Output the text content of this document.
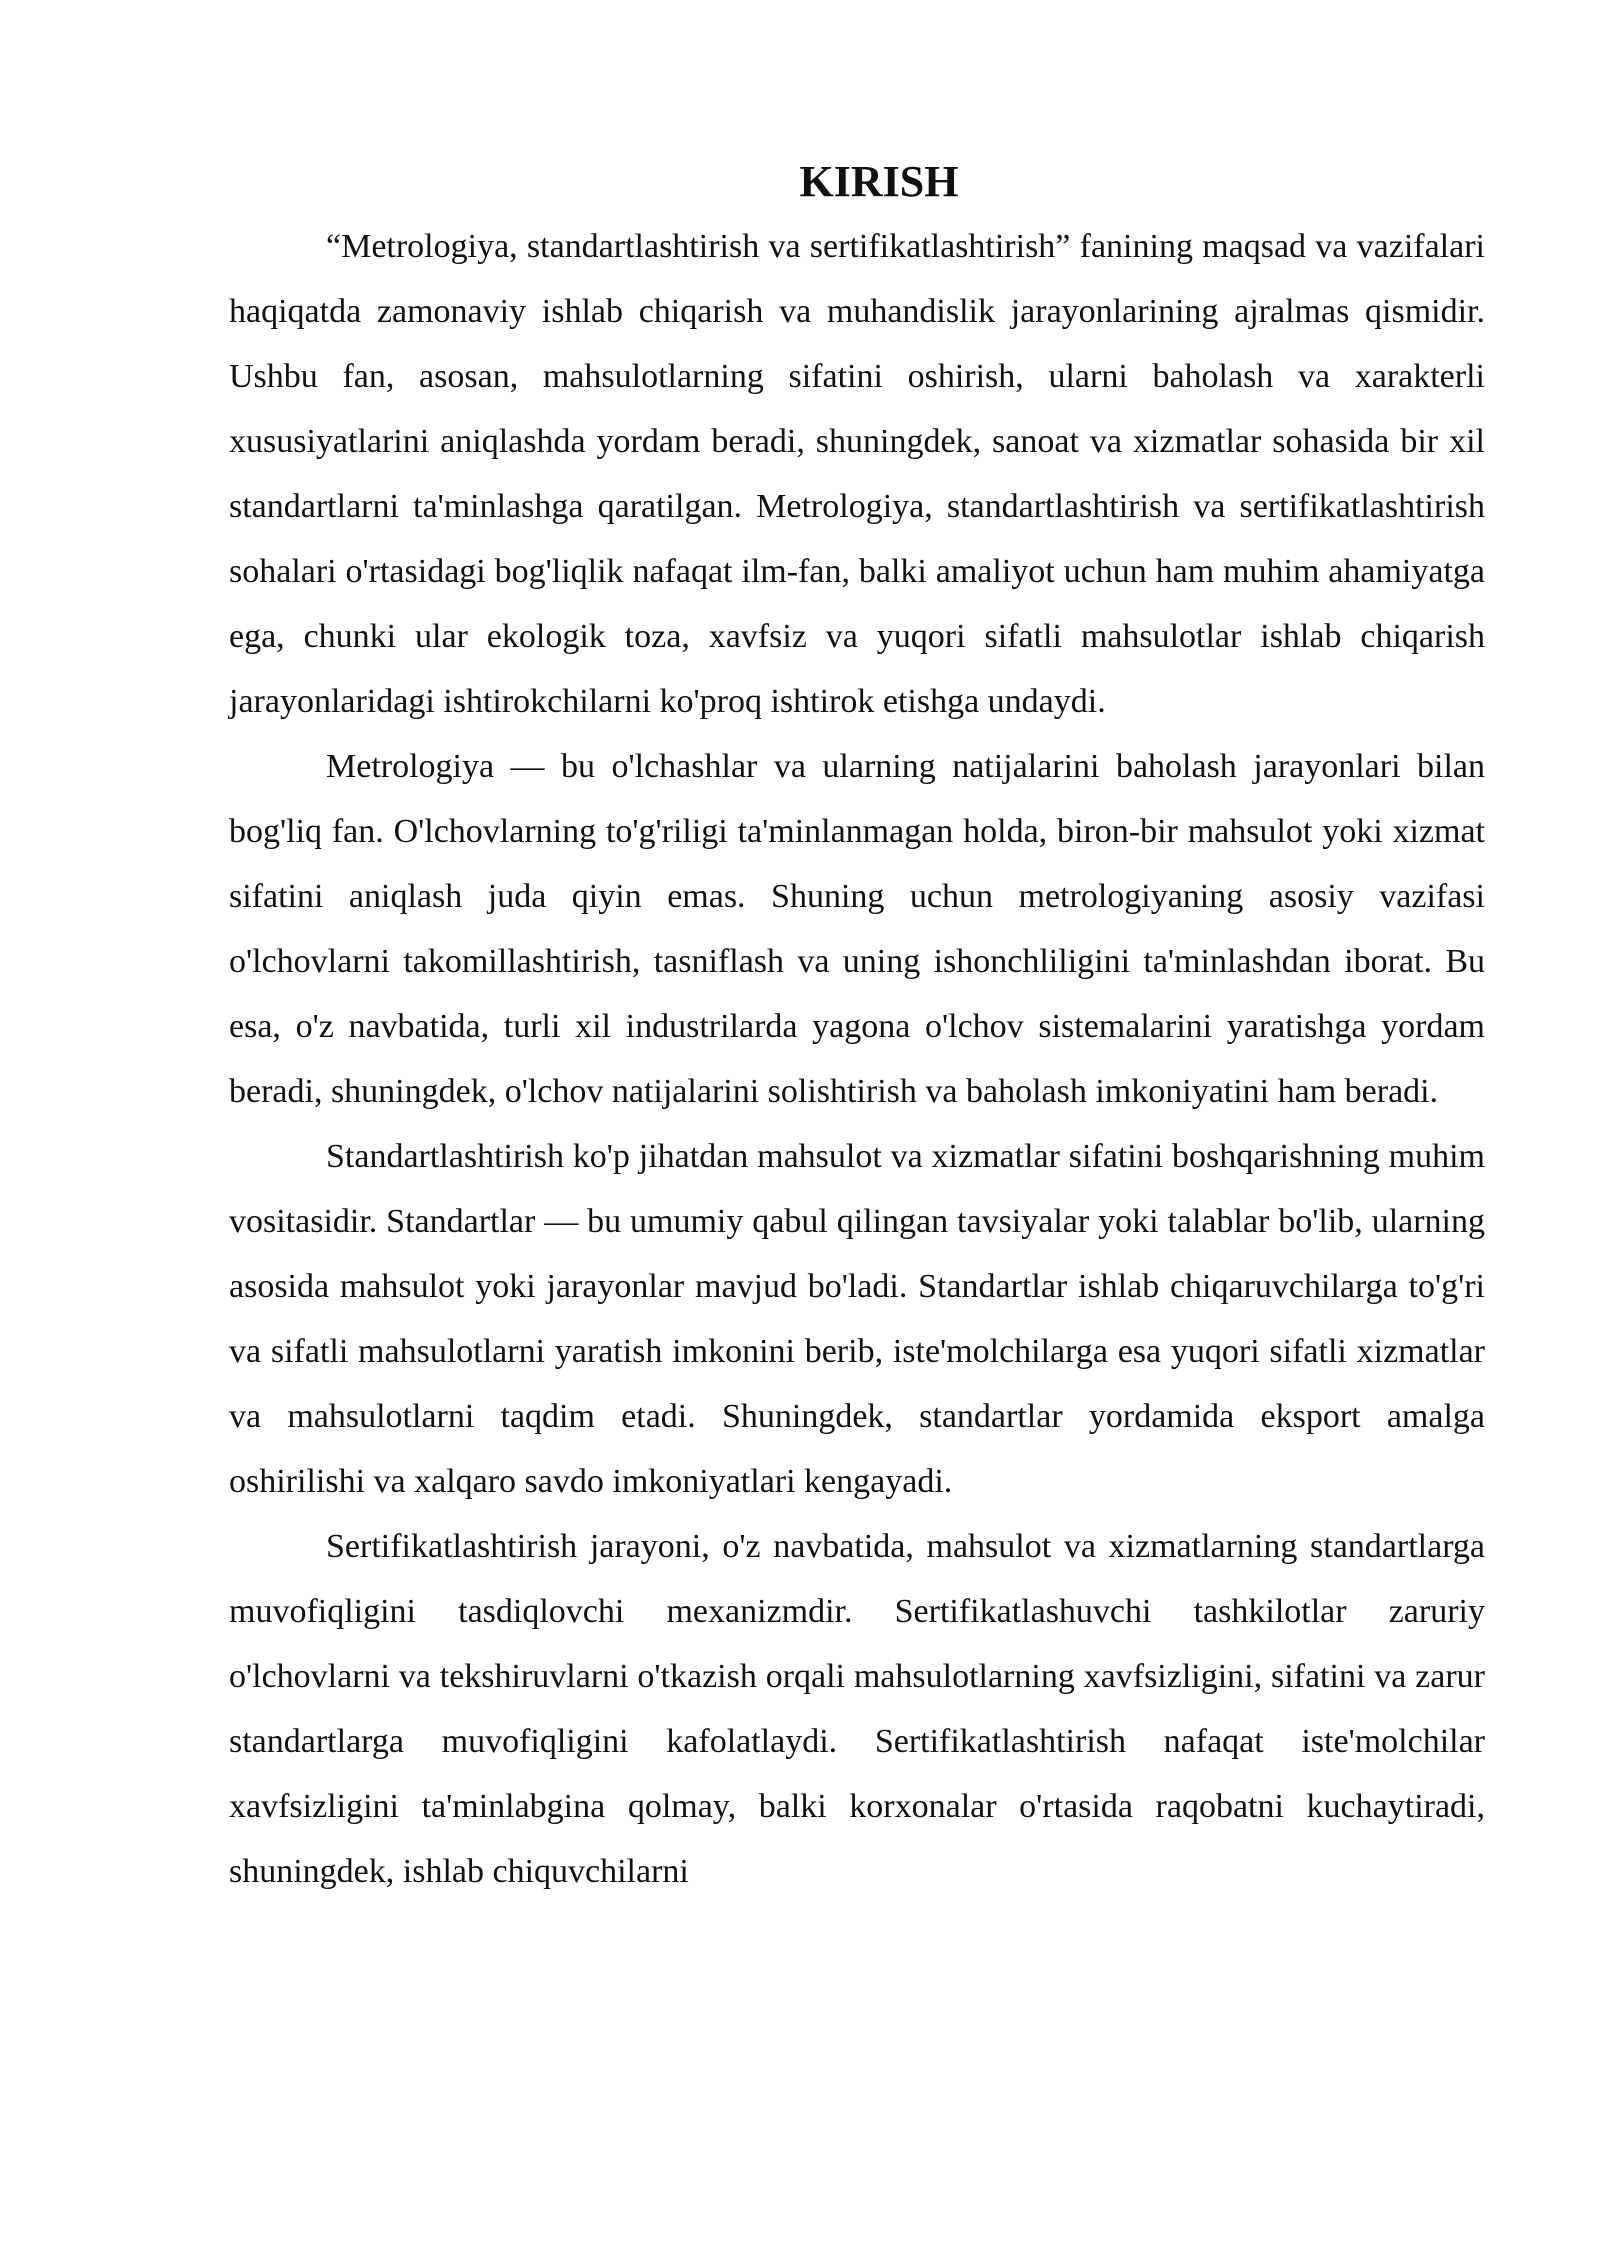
KIRISH

“Metrologiya, standartlashtirish va sertifikatlashtirish” fanining maqsad va vazifalari haqiqatda zamonaviy ishlab chiqarish va muhandislik jarayonlarining ajralmas qismidir. Ushbu fan, asosan, mahsulotlarning sifatini oshirish, ularni baholash va xarakterli xususiyatlarini aniqlashda yordam beradi, shuningdek, sanoat va xizmatlar sohasida bir xil standartlarni ta'minlashga qaratilgan. Metrologiya, standartlashtirish va sertifikatlashtirish sohalari o'rtasidagi bog'liqlik nafaqat ilm-fan, balki amaliyot uchun ham muhim ahamiyatga ega, chunki ular ekologik toza, xavfsiz va yuqori sifatli mahsulotlar ishlab chiqarish jarayonlaridagi ishtirokchilarni ko'proq ishtirok etishga undaydi.

Metrologiya — bu o'lchashlar va ularning natijalarini baholash jarayonlari bilan bog'liq fan. O'lchovlarning to'g'riligi ta'minlanmagan holda, biron-bir mahsulot yoki xizmat sifatini aniqlash juda qiyin emas. Shuning uchun metrologiyaning asosiy vazifasi o'lchovlarni takomillashtirish, tasniflash va uning ishonchliligini ta'minlashdan iborat. Bu esa, o'z navbatida, turli xil industrilarda yagona o'lchov sistemalarini yaratishga yordam beradi, shuningdek, o'lchov natijalarini solishtirish va baholash imkoniyatini ham beradi.

Standartlashtirish ko'p jihatdan mahsulot va xizmatlar sifatini boshqarishning muhim vositasidir. Standartlar — bu umumiy qabul qilingan tavsiyalar yoki talablar bo'lib, ularning asosida mahsulot yoki jarayonlar mavjud bo'ladi. Standartlar ishlab chiqaruvchilarga to'g'ri va sifatli mahsulotlarni yaratish imkonini berib, iste'molchilarga esa yuqori sifatli xizmatlar va mahsulotlarni taqdim etadi. Shuningdek, standartlar yordamida eksport amalga oshirilishi va xalqaro savdo imkoniyatlari kengayadi.

Sertifikatlashtirish jarayoni, o'z navbatida, mahsulot va xizmatlarning standartlarga muvofiqligini tasdiqlovchi mexanizmdir. Sertifikatlashuvchi tashkilotlar zaruriy o'lchovlarni va tekshiruvlarni o'tkazish orqali mahsulotlarning xavfsizligini, sifatini va zarur standartlarga muvofiqligini kafolatlaydi. Sertifikatlashtirish nafaqat iste'molchilar xavfsizligini ta'minlabgina qolmay, balki korxonalar o'rtasida raqobatni kuchaytiradi, shuningdek, ishlab chiquvchilarni
